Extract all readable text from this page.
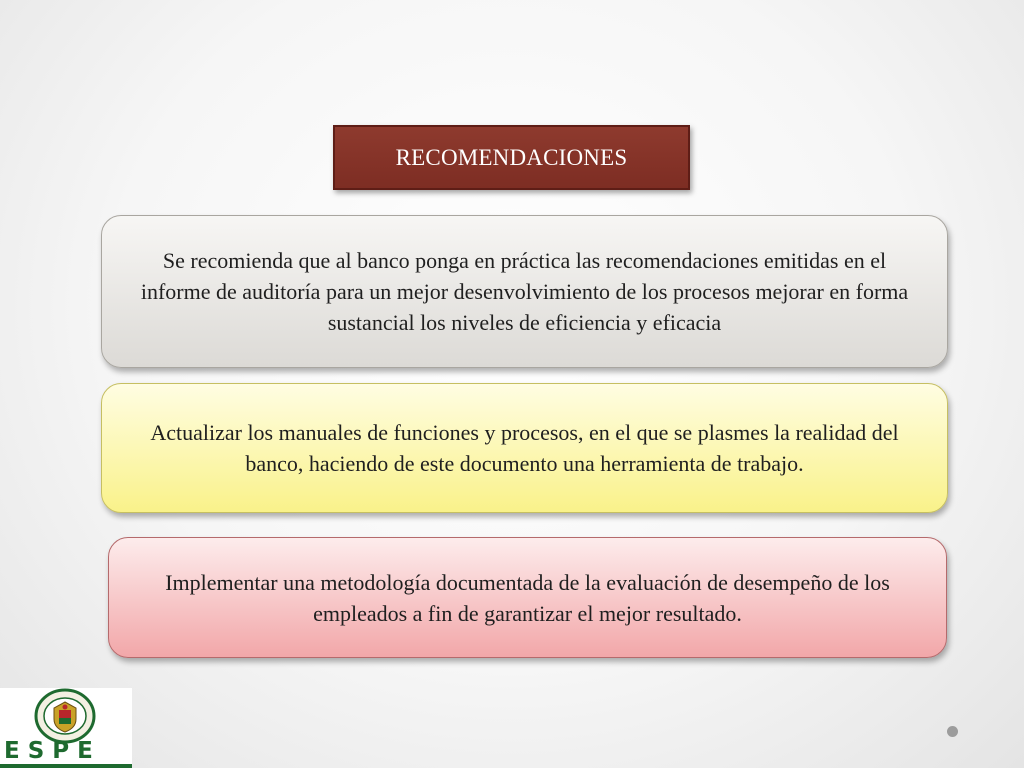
RECOMENDACIONES
Se recomienda que al banco ponga en práctica las recomendaciones emitidas en el informe de auditoría para un mejor desenvolvimiento de los procesos mejorar en forma sustancial los niveles de eficiencia y eficacia
Actualizar los manuales de funciones y procesos, en el que se plasmes la realidad del banco, haciendo de este documento una herramienta de trabajo.
Implementar una metodología documentada de la evaluación de desempeño de los empleados a fin de garantizar el mejor resultado.
ESPE
